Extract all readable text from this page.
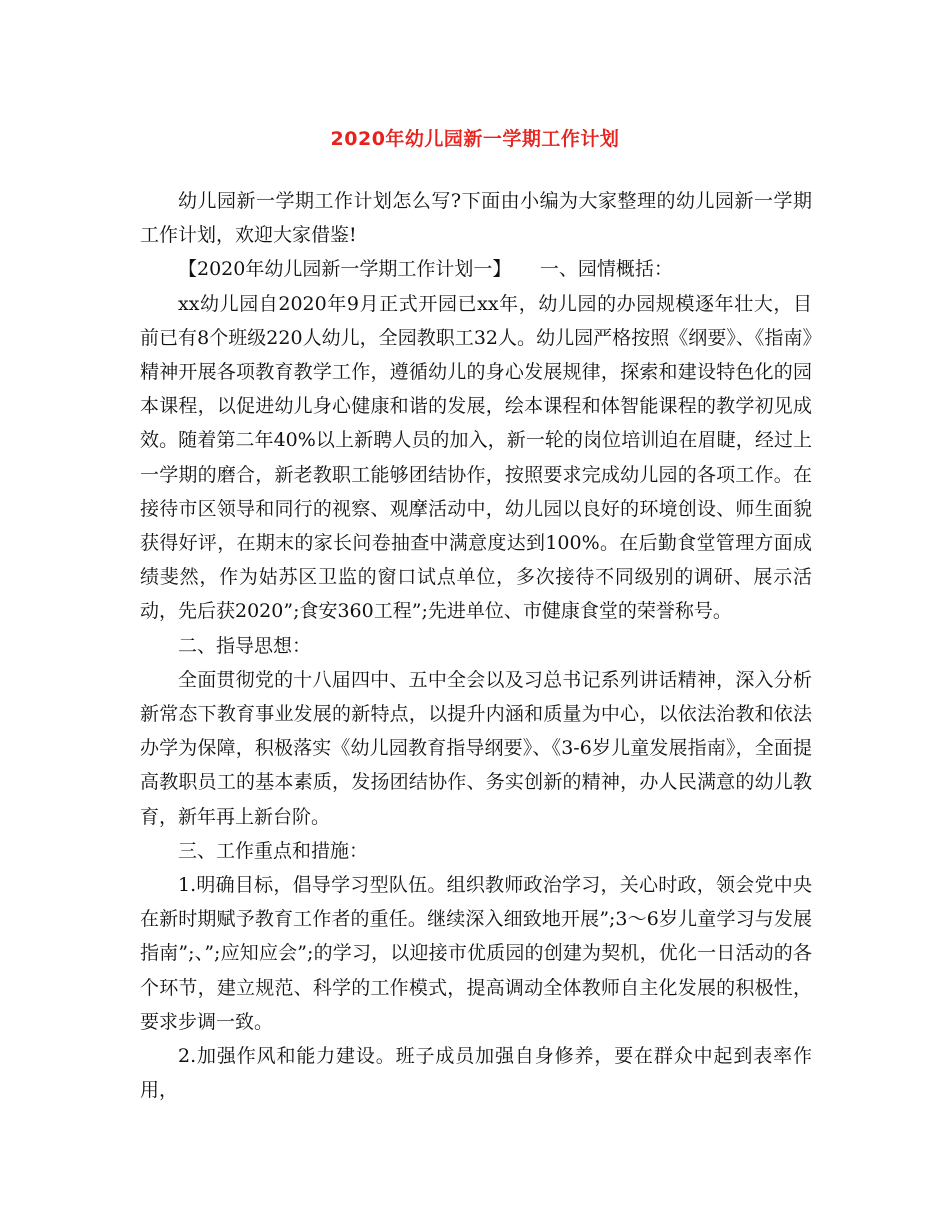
2020年幼儿园新一学期工作计划

幼儿园新一学期工作计划怎么写?下面由小编为大家整理的幼儿园新一学期工作计划，欢迎大家借鉴!

【2020年幼儿园新一学期工作计划一】　　一、园情概括：

xx幼儿园自2020年9月正式开园已xx年，幼儿园的办园规模逐年壮大，目前已有8个班级220人幼儿，全园教职工32人。幼儿园严格按照《纲要》、《指南》精神开展各项教育教学工作，遵循幼儿的身心发展规律，探索和建设特色化的园本课程，以促进幼儿身心健康和谐的发展，绘本课程和体智能课程的教学初见成效。随着第二年40%以上新聘人员的加入，新一轮的岗位培训迫在眉睫，经过上一学期的磨合，新老教职工能够团结协作，按照要求完成幼儿园的各项工作。在接待市区领导和同行的视察、观摩活动中，幼儿园以良好的环境创设、师生面貌获得好评，在期末的家长问卷抽查中满意度达到100%。在后勤食堂管理方面成绩斐然，作为姑苏区卫监的窗口试点单位，多次接待不同级别的调研、展示活动，先后获2020”;食安360工程”;先进单位、市健康食堂的荣誉称号。

二、指导思想：

全面贯彻党的十八届四中、五中全会以及习总书记系列讲话精神，深入分析新常态下教育事业发展的新特点，以提升内涵和质量为中心，以依法治教和依法办学为保障，积极落实《幼儿园教育指导纲要》、《3-6岁儿童发展指南》，全面提高教职员工的基本素质，发扬团结协作、务实创新的精神，办人民满意的幼儿教育，新年再上新台阶。

三、工作重点和措施：

1.明确目标，倡导学习型队伍。组织教师政治学习，关心时政，领会党中央在新时期赋予教育工作者的重任。继续深入细致地开展”;3～6岁儿童学习与发展指南”;、”;应知应会”;的学习，以迎接市优质园的创建为契机，优化一日活动的各个环节，建立规范、科学的工作模式，提高调动全体教师自主化发展的积极性，要求步调一致。

2.加强作风和能力建设。班子成员加强自身修养，要在群众中起到表率作用，
